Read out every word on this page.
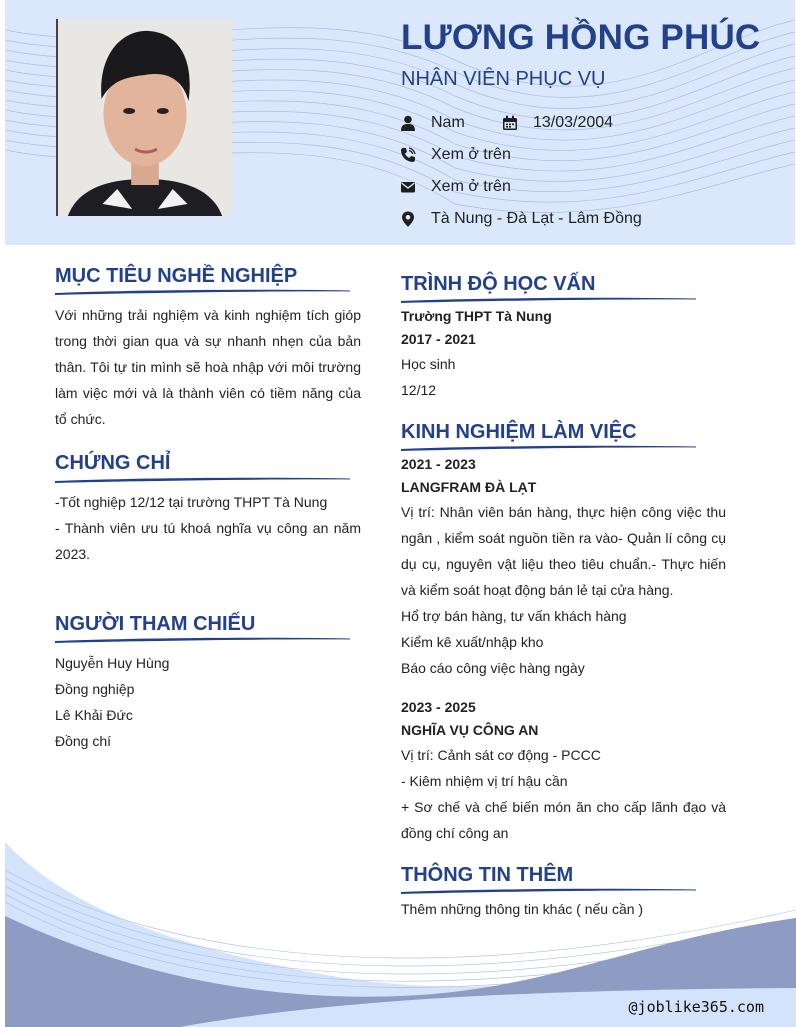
LƯƠNG HỒNG PHÚC
NHÂN VIÊN PHỤC VỤ
Nam	13/03/2004
Xem ở trên
Xem ở trên
Tà Nung - Đà Lạt - Lâm Đồng
MỤC TIÊU NGHỀ NGHIỆP
Với những trải nghiệm và kinh nghiệm tích gióp trong thời gian qua và sự nhanh nhẹn của bản thân. Tôi tự tin mình sẽ hoà nhập với môi trường làm việc mới và là thành viên có tiềm năng của tổ chức.
CHỨNG CHỈ
-Tốt nghiệp 12/12 tại trường THPT Tà Nung
- Thành viên ưu tú khoá nghĩa vụ công an năm 2023.
NGƯỜI THAM CHIẾU
Nguyễn Huy Hùng
Đồng nghiệp
Lê Khải Đức
Đồng chí
TRÌNH ĐỘ HỌC VẤN
Trường THPT Tà Nung
2017 - 2021
Học sinh
12/12
KINH NGHIỆM LÀM VIỆC
2021 - 2023
LANGFRAM ĐÀ LẠT
Vị trí: Nhân viên bán hàng, thực hiện công việc thu ngân , kiểm soát nguồn tiền ra vào- Quản lí công cụ dụ cụ, nguyên vật liệu theo tiêu chuẩn.- Thực hiến và kiểm soát hoạt động bán lẻ tại cửa hàng.
Hổ trợ bán hàng, tư vấn khách hàng
Kiểm kê xuất/nhập kho
Báo cáo công việc hàng ngày
2023 - 2025
NGHĨA VỤ CÔNG AN
Vị trí: Cảnh sát cơ động - PCCC
- Kiêm nhiệm vị trí hậu cần
+ Sơ chế và chế biến món ăn cho cấp lãnh đạo và đồng chí công an
THÔNG TIN THÊM
Thêm những thông tin khác ( nếu cần )
@joblike365.com
